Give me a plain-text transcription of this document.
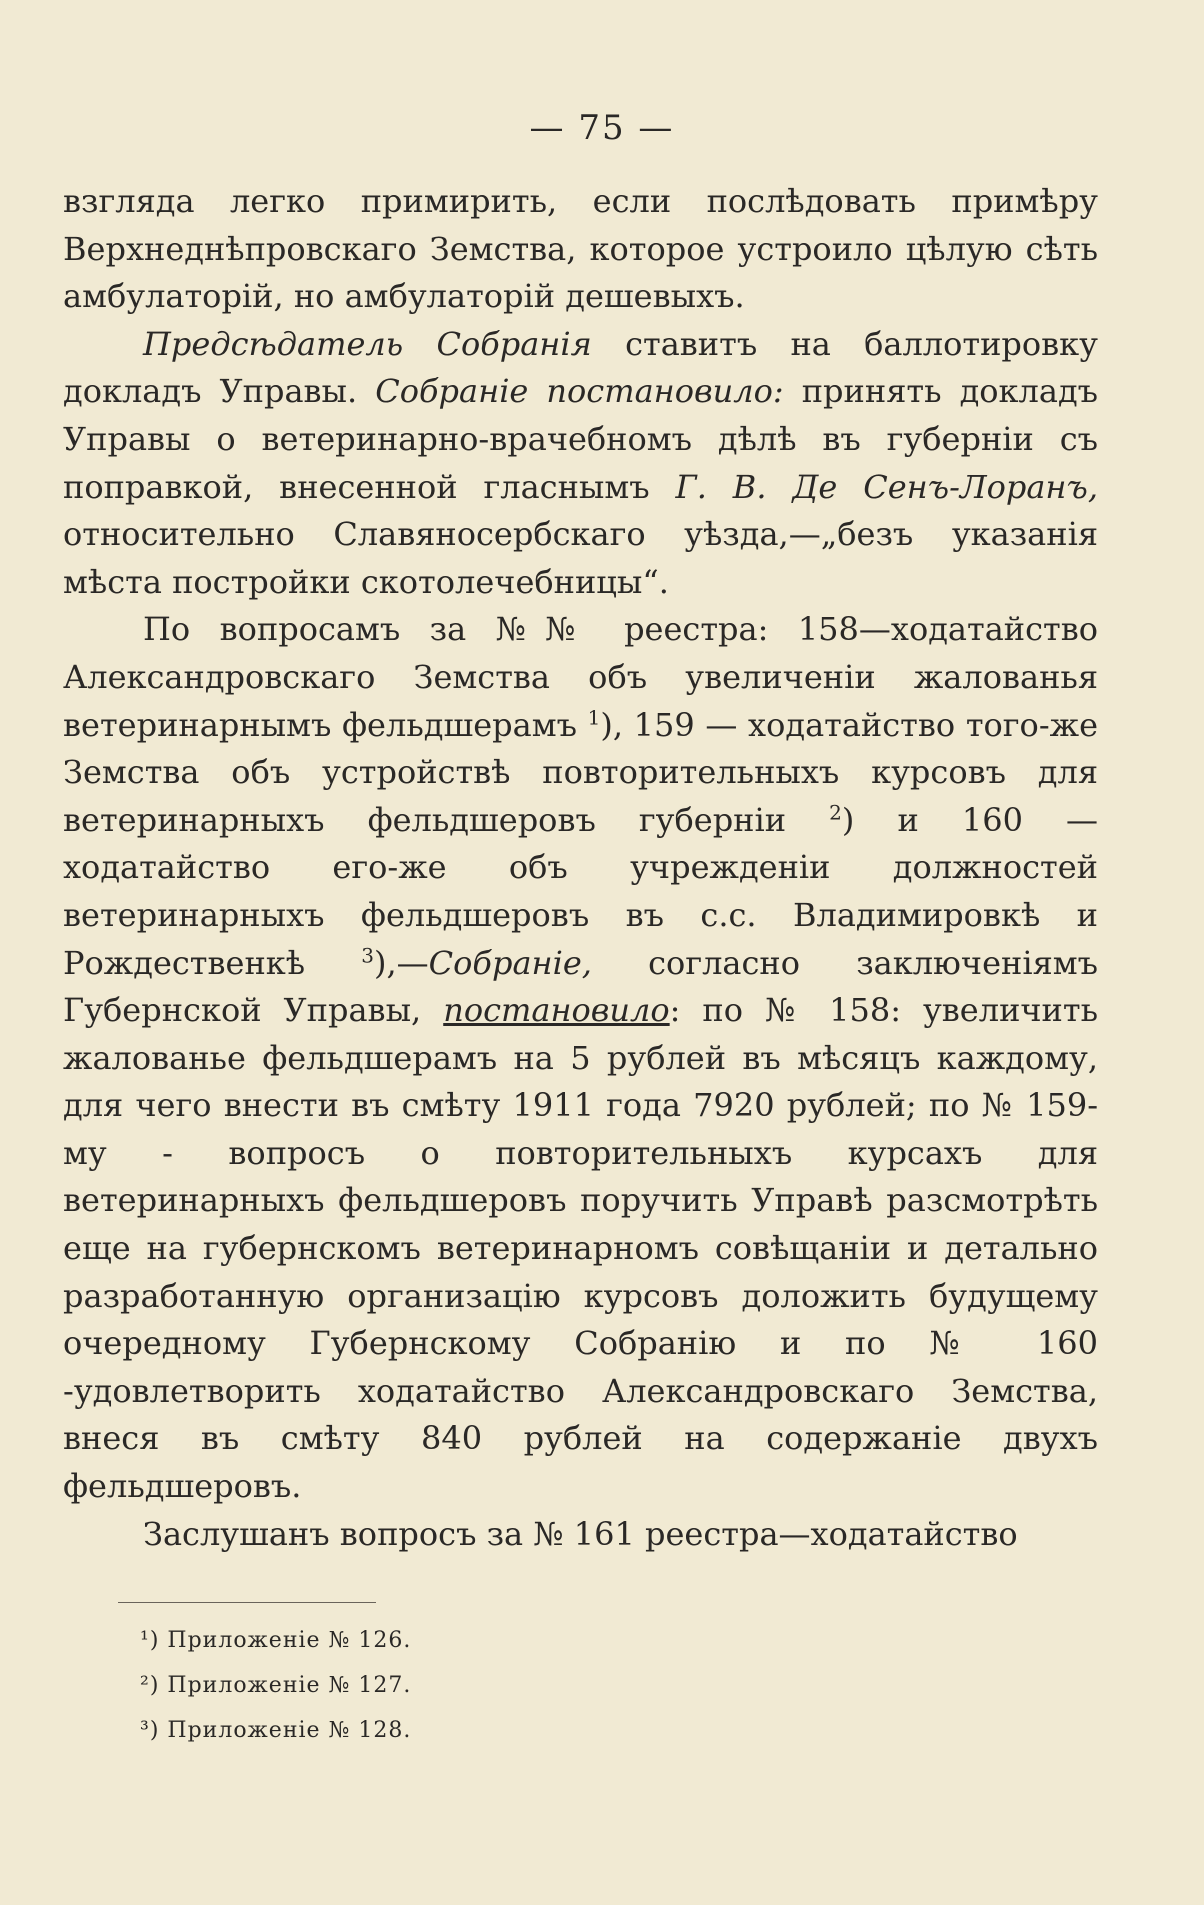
— 75 —

взгляда легко примирить, если послѣдовать примѣру Верхнеднѣпровскаго Земства, которое устроило цѣлую сѣть амбулаторій, но амбулаторій дешевыхъ.

Предсѣдатель Собранія ставитъ на баллотировку докладъ Управы. Собраніе постановило: принять докладъ Управы о ветеринарно-врачебномъ дѣлѣ въ губерніи съ поправкой, внесенной гласнымъ Г. В. Де Сенъ-Лоранъ, относительно Славяносербскаго уѣзда,—„безъ указанія мѣста постройки скотолечебницы“.

По вопросамъ за №№ реестра: 158—ходатайство Александровскаго Земства объ увеличеніи жалованья ветеринарнымъ фельдшерамъ $^1$), 159 — ходатайство того-же Земства объ устройствѣ повторительныхъ курсовъ для ветеринарныхъ фельдшеровъ губерніи $^2$) и 160 — ходатайство его-же объ учрежденіи должностей ветеринарныхъ фельдшеровъ въ с.с. Владимировкѣ и Рождественкѣ $^3$),—Собраніе, согласно заключеніямъ Губернской Управы, постановило: по № 158: увеличить жалованье фельдшерамъ на 5 рублей въ мѣсяцъ каждому, для чего внести въ смѣту 1911 года 7920 рублей; по № 159-му - вопросъ о повторительныхъ курсахъ для ветеринарныхъ фельдшеровъ поручить Управѣ разсмотрѣть еще на губернскомъ ветеринарномъ совѣщаніи и детально разработанную организацію курсовъ доложить будущему очередному Губернскому Собранію и по № 160 -удовлетворить ходатайство Александровскаго Земства, внеся въ смѣту 840 рублей на содержаніе двухъ фельдшеровъ.

Заслушанъ вопросъ за № 161 реестра—ходатайство

¹) Приложеніе № 126.
²) Приложеніе № 127.
³) Приложеніе № 128.
